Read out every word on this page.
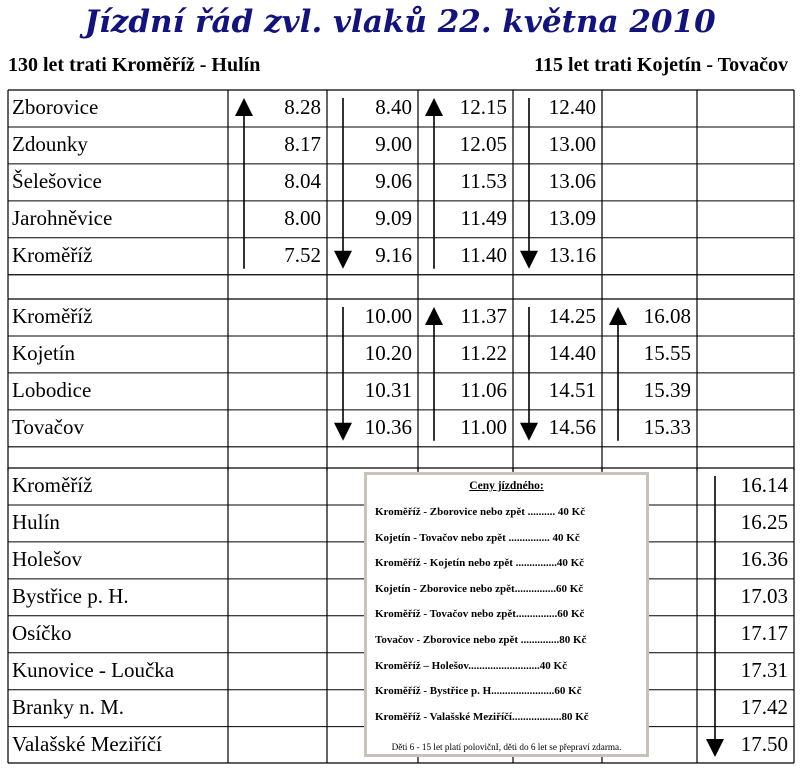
Jízdní řád zvl. vlaků 22. května 2010
130 let trati Kroměříž - Hulín	115 let trati Kojetín - Tovačov
Zborovice
Zdounky
Šelešovice
Jarohněvice
Kroměříž
8.28
8.17
8.04
8.00
7.52
8.40
9.00
9.06
9.09
9.16
12.15
12.05
11.53
11.49
11.40
12.40
13.00
13.06
13.09
13.16
Kroměříž
Kojetín
Lobodice
Tovačov
10.00
10.20
10.31
10.36
11.37
11.22
11.06
11.00
14.25
14.40
14.51
14.56
16.08
15.55
15.39
15.33
Kroměříž
Hulín
Holešov
Bystřice p. H.
Osíčko
Kunovice - Loučka
Branky n. M.
Valašské Meziříčí
16.14
16.25
16.36
17.03
17.17
17.31
17.42
17.50
Ceny jízdného:
Kroměříž - Zborovice nebo zpět .......... 40 Kč
Kojetín - Tovačov nebo zpět ............... 40 Kč
Kroměříž - Kojetín nebo zpět ...............40 Kč
Kojetín - Zborovice nebo zpět...............60 Kč
Kroměříž - Tovačov nebo zpět...............60 Kč
Tovačov - Zborovice nebo zpět ..............80 Kč
Kroměříž – Holešov..........................40 Kč
Kroměříž - Bystřice p. H.......................60 Kč
Kroměříž - Valašské Meziříčí..................80 Kč
Děti 6 - 15 let platí polovičnI, děti do 6 let se přepraví zdarma.
